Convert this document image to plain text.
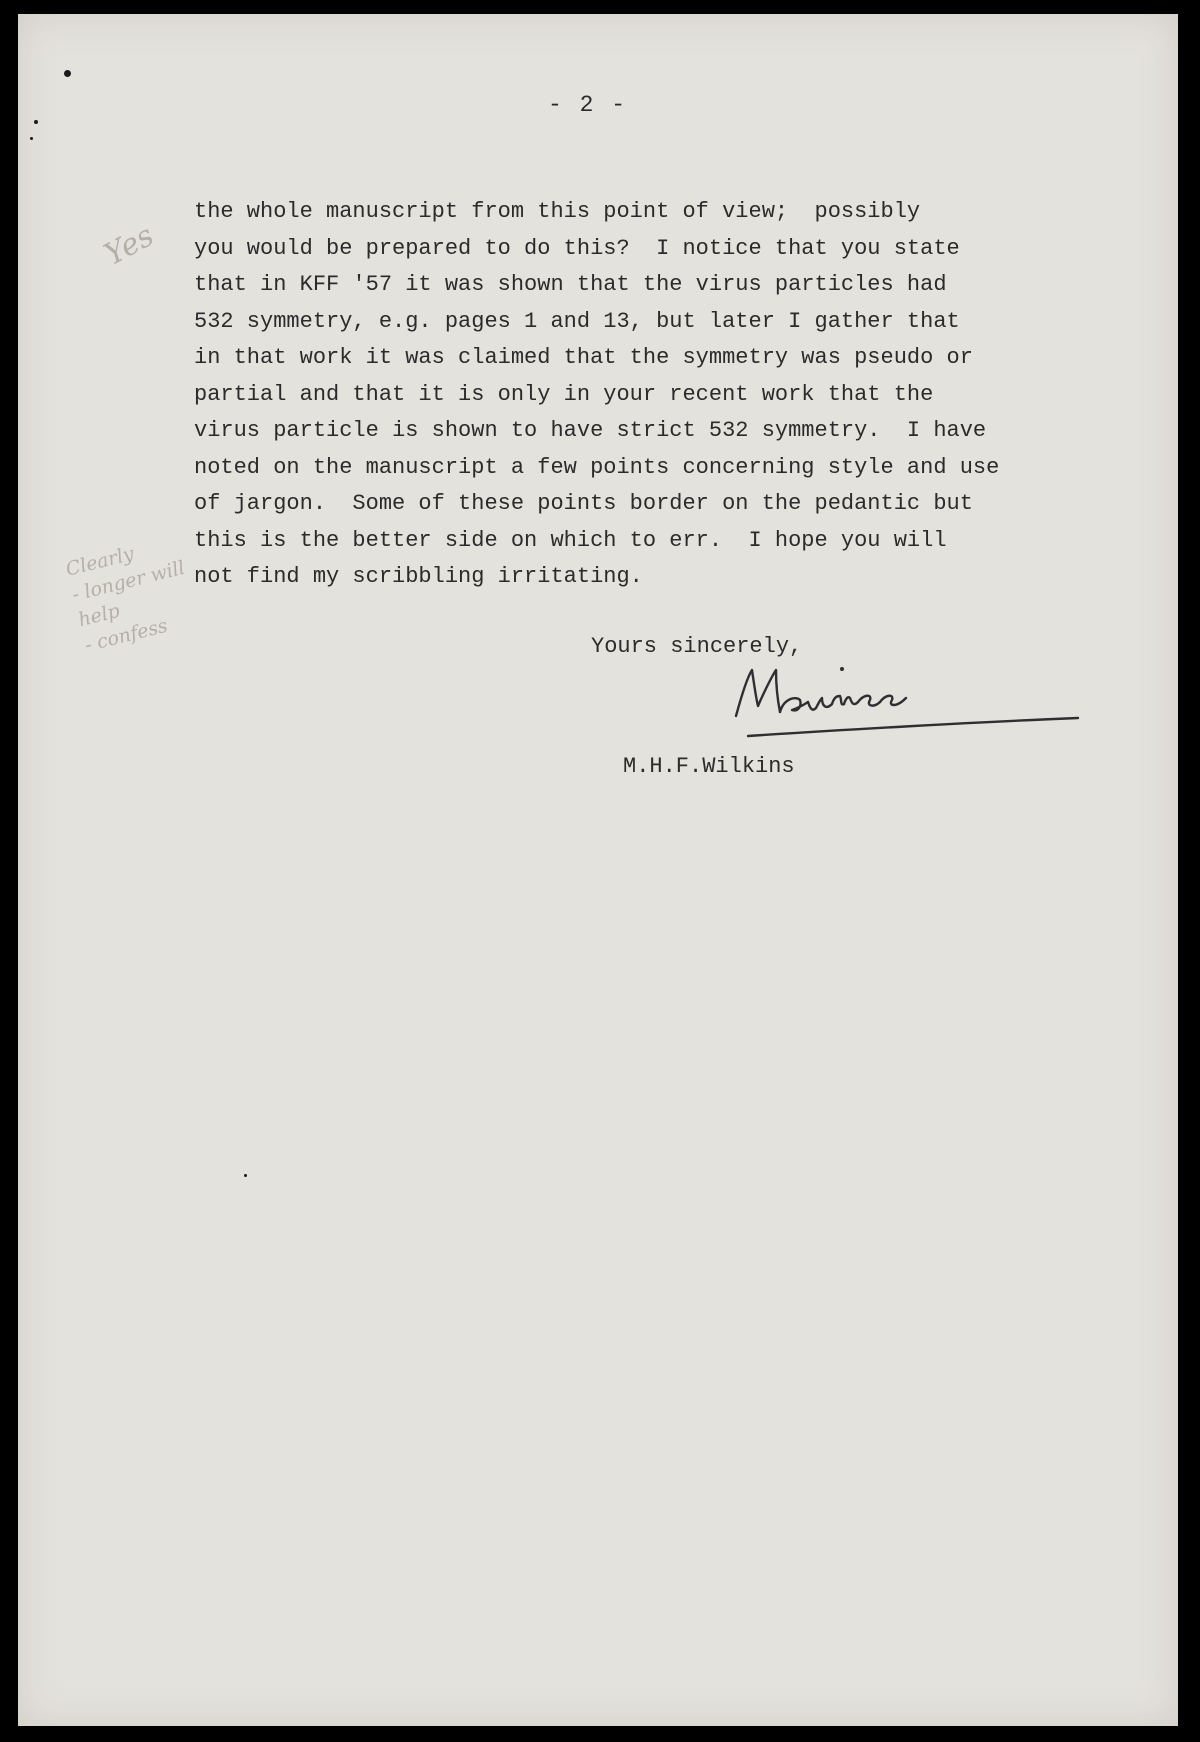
- 2 -
Yes
Clearly
- longer will
help
- confess
the whole manuscript from this point of view;  possibly
you would be prepared to do this?  I notice that you state
that in KFF '57 it was shown that the virus particles had
532 symmetry, e.g. pages 1 and 13, but later I gather that
in that work it was claimed that the symmetry was pseudo or
partial and that it is only in your recent work that the
virus particle is shown to have strict 532 symmetry.  I have
noted on the manuscript a few points concerning style and use
of jargon.  Some of these points border on the pedantic but
this is the better side on which to err.  I hope you will
not find my scribbling irritating.
Yours sincerely,
M.H.F.Wilkins
